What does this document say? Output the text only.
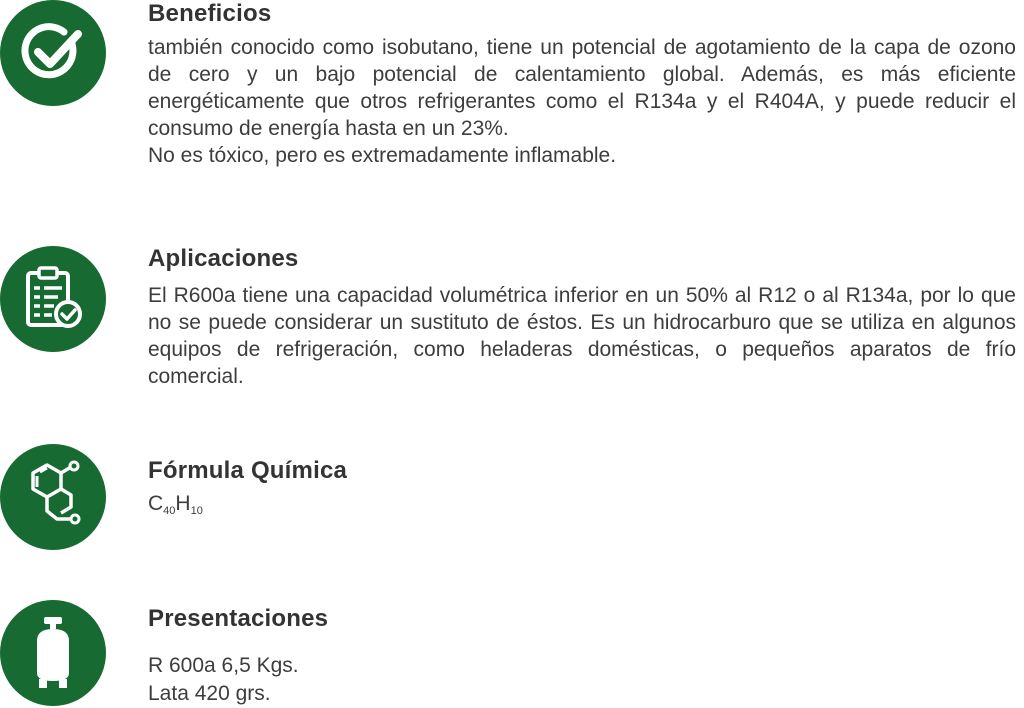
Beneficios

también conocido como isobutano, tiene un potencial de agotamiento de la capa de ozono de cero y un bajo potencial de calentamiento global. Además, es más eficiente energéticamente que otros refrigerantes como el R134a y el R404A, y puede reducir el consumo de energía hasta en un 23%.
No es tóxico, pero es extremadamente inflamable.

Aplicaciones

El R600a tiene una capacidad volumétrica inferior en un 50% al R12 o al R134a, por lo que no se puede considerar un sustituto de éstos. Es un hidrocarburo que se utiliza en algunos equipos de refrigeración, como heladeras domésticas, o pequeños aparatos de frío comercial.

Fórmula Química
$C_{40}H_{10}$
Presentaciones
R 600a 6,5 Kgs.
Lata 420 grs.
